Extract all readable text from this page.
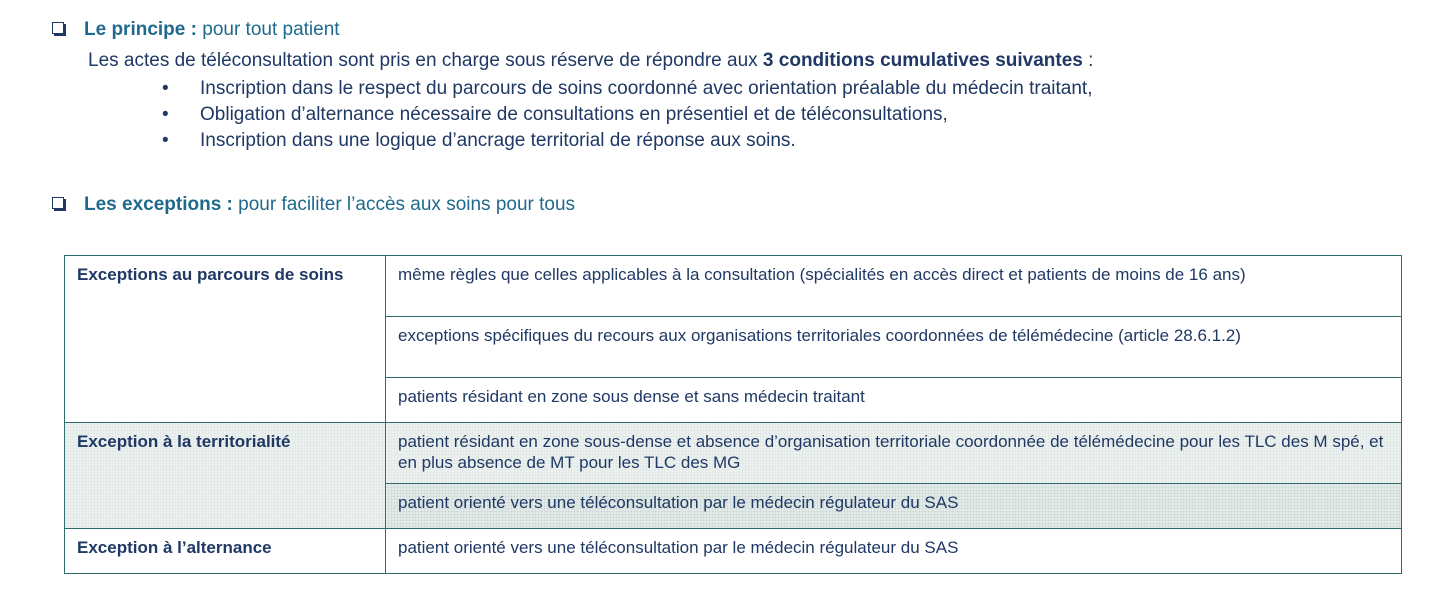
Le principe : pour tout patient
Les actes de téléconsultation sont pris en charge sous réserve de répondre aux 3 conditions cumulatives suivantes :
• Inscription dans le respect du parcours de soins coordonné avec orientation préalable du médecin traitant,
• Obligation d’alternance nécessaire de consultations en présentiel et de téléconsultations,
• Inscription dans une logique d’ancrage territorial de réponse aux soins.
Les exceptions : pour faciliter l’accès aux soins pour tous
Exceptions au parcours de soins	même règles que celles applicables à la consultation (spécialités en accès direct et patients de moins de 16 ans)
	exceptions spécifiques du recours aux organisations territoriales coordonnées de télémédecine (article 28.6.1.2)
	patients résidant en zone sous dense et sans médecin traitant
Exception à la territorialité	patient résidant en zone sous-dense et absence d’organisation territoriale coordonnée de télémédecine pour les TLC des M spé, et en plus absence de MT pour les TLC des MG
	patient orienté vers une téléconsultation par le médecin régulateur du SAS
Exception à l’alternance	patient orienté vers une téléconsultation par le médecin régulateur du SAS
